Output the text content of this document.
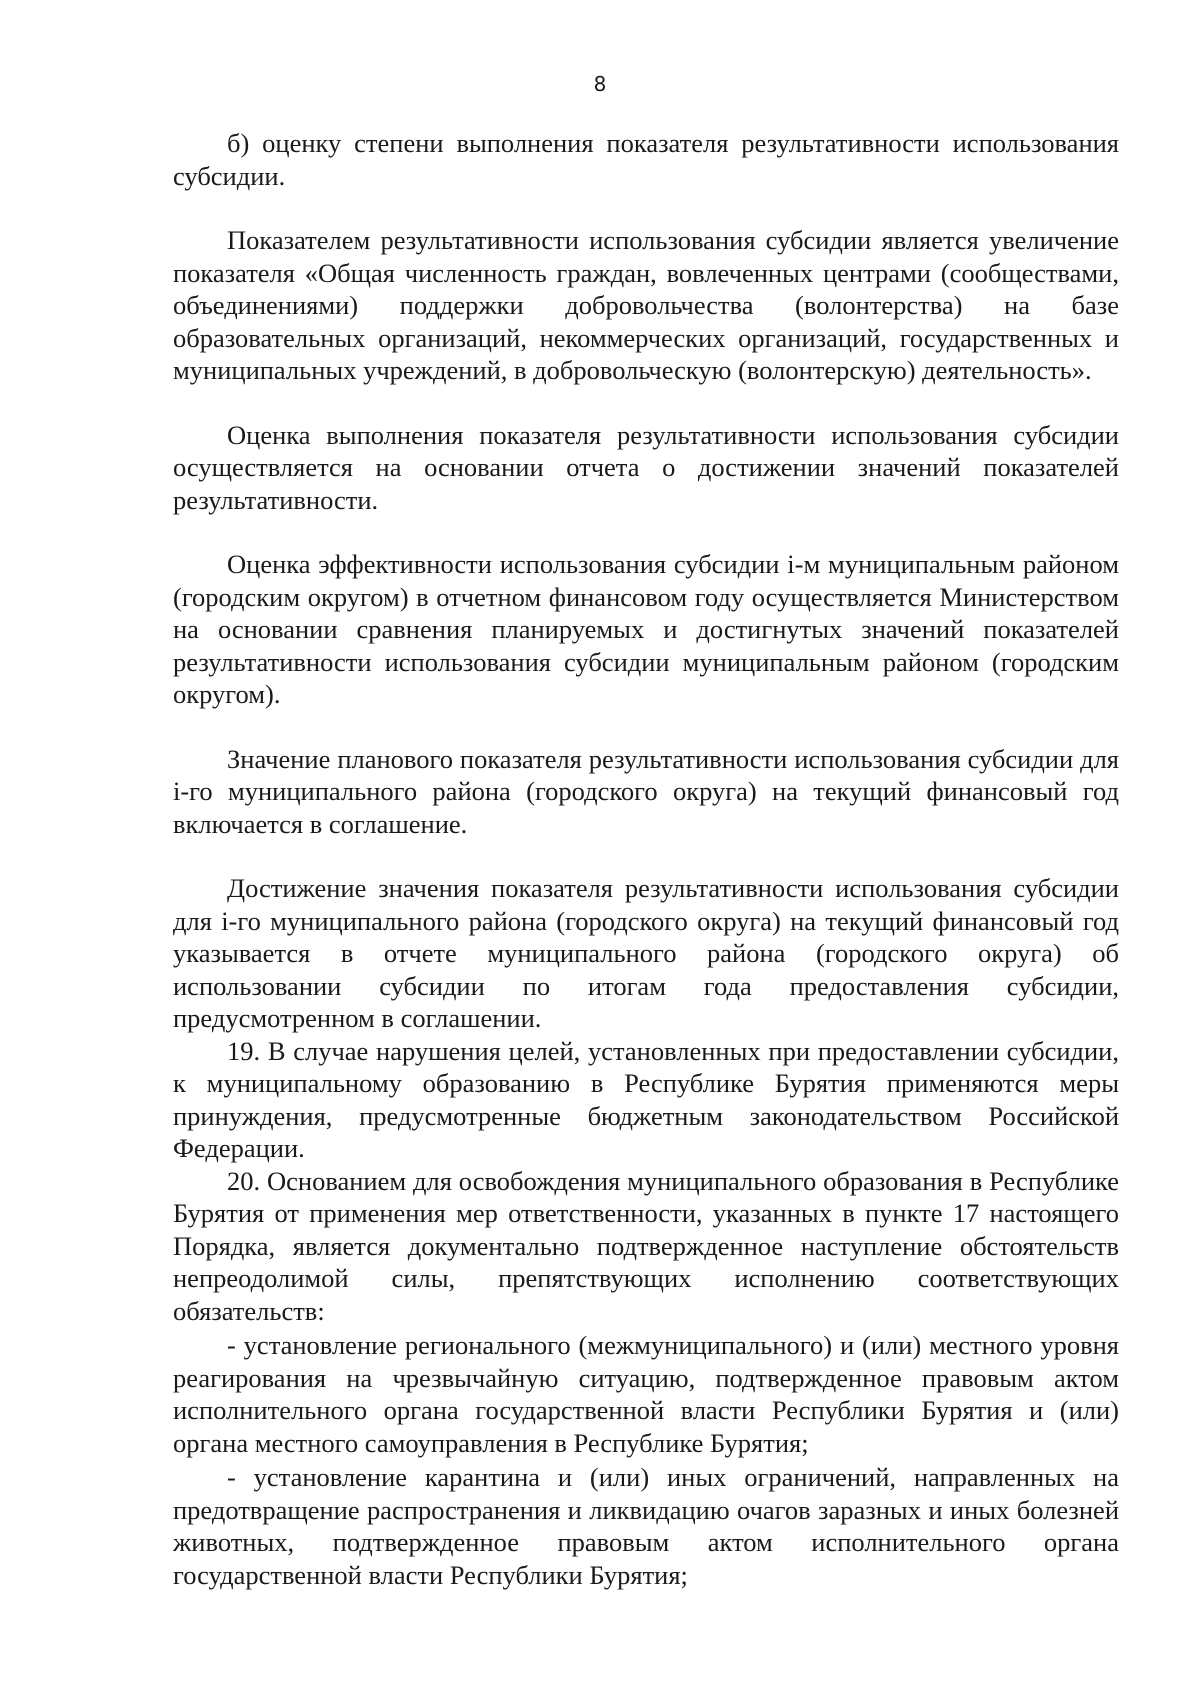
8

б) оценку степени выполнения показателя результативности использования субсидии.

Показателем результативности использования субсидии является увеличение показателя «Общая численность граждан, вовлеченных центрами (сообществами, объединениями) поддержки добровольчества (волонтерства) на базе образовательных организаций, некоммерческих организаций, государственных и муниципальных учреждений, в добровольческую (волонтерскую) деятельность».

Оценка выполнения показателя результативности использования субсидии осуществляется на основании отчета о достижении значений показателей результативности.

Оценка эффективности использования субсидии i-м муниципальным районом (городским округом) в отчетном финансовом году осуществляется Министерством на основании сравнения планируемых и достигнутых значений показателей результативности использования субсидии муниципальным районом (городским округом).

Значение планового показателя результативности использования субсидии для i-го муниципального района (городского округа) на текущий финансовый год включается в соглашение.

Достижение значения показателя результативности использования субсидии для i-го муниципального района (городского округа) на текущий финансовый год указывается в отчете муниципального района (городского округа) об использовании субсидии по итогам года предоставления субсидии, предусмотренном в соглашении.

19. В случае нарушения целей, установленных при предоставлении субсидии, к муниципальному образованию в Республике Бурятия применяются меры принуждения, предусмотренные бюджетным законодательством Российской Федерации.

20. Основанием для освобождения муниципального образования в Республике Бурятия от применения мер ответственности, указанных в пункте 17 настоящего Порядка, является документально подтвержденное наступление обстоятельств непреодолимой силы, препятствующих исполнению соответствующих обязательств:

- установление регионального (межмуниципального) и (или) местного уровня реагирования на чрезвычайную ситуацию, подтвержденное правовым актом исполнительного органа государственной власти Республики Бурятия и (или) органа местного самоуправления в Республике Бурятия;

- установление карантина и (или) иных ограничений, направленных на предотвращение распространения и ликвидацию очагов заразных и иных болезней животных, подтвержденное правовым актом исполнительного органа государственной власти Республики Бурятия;
